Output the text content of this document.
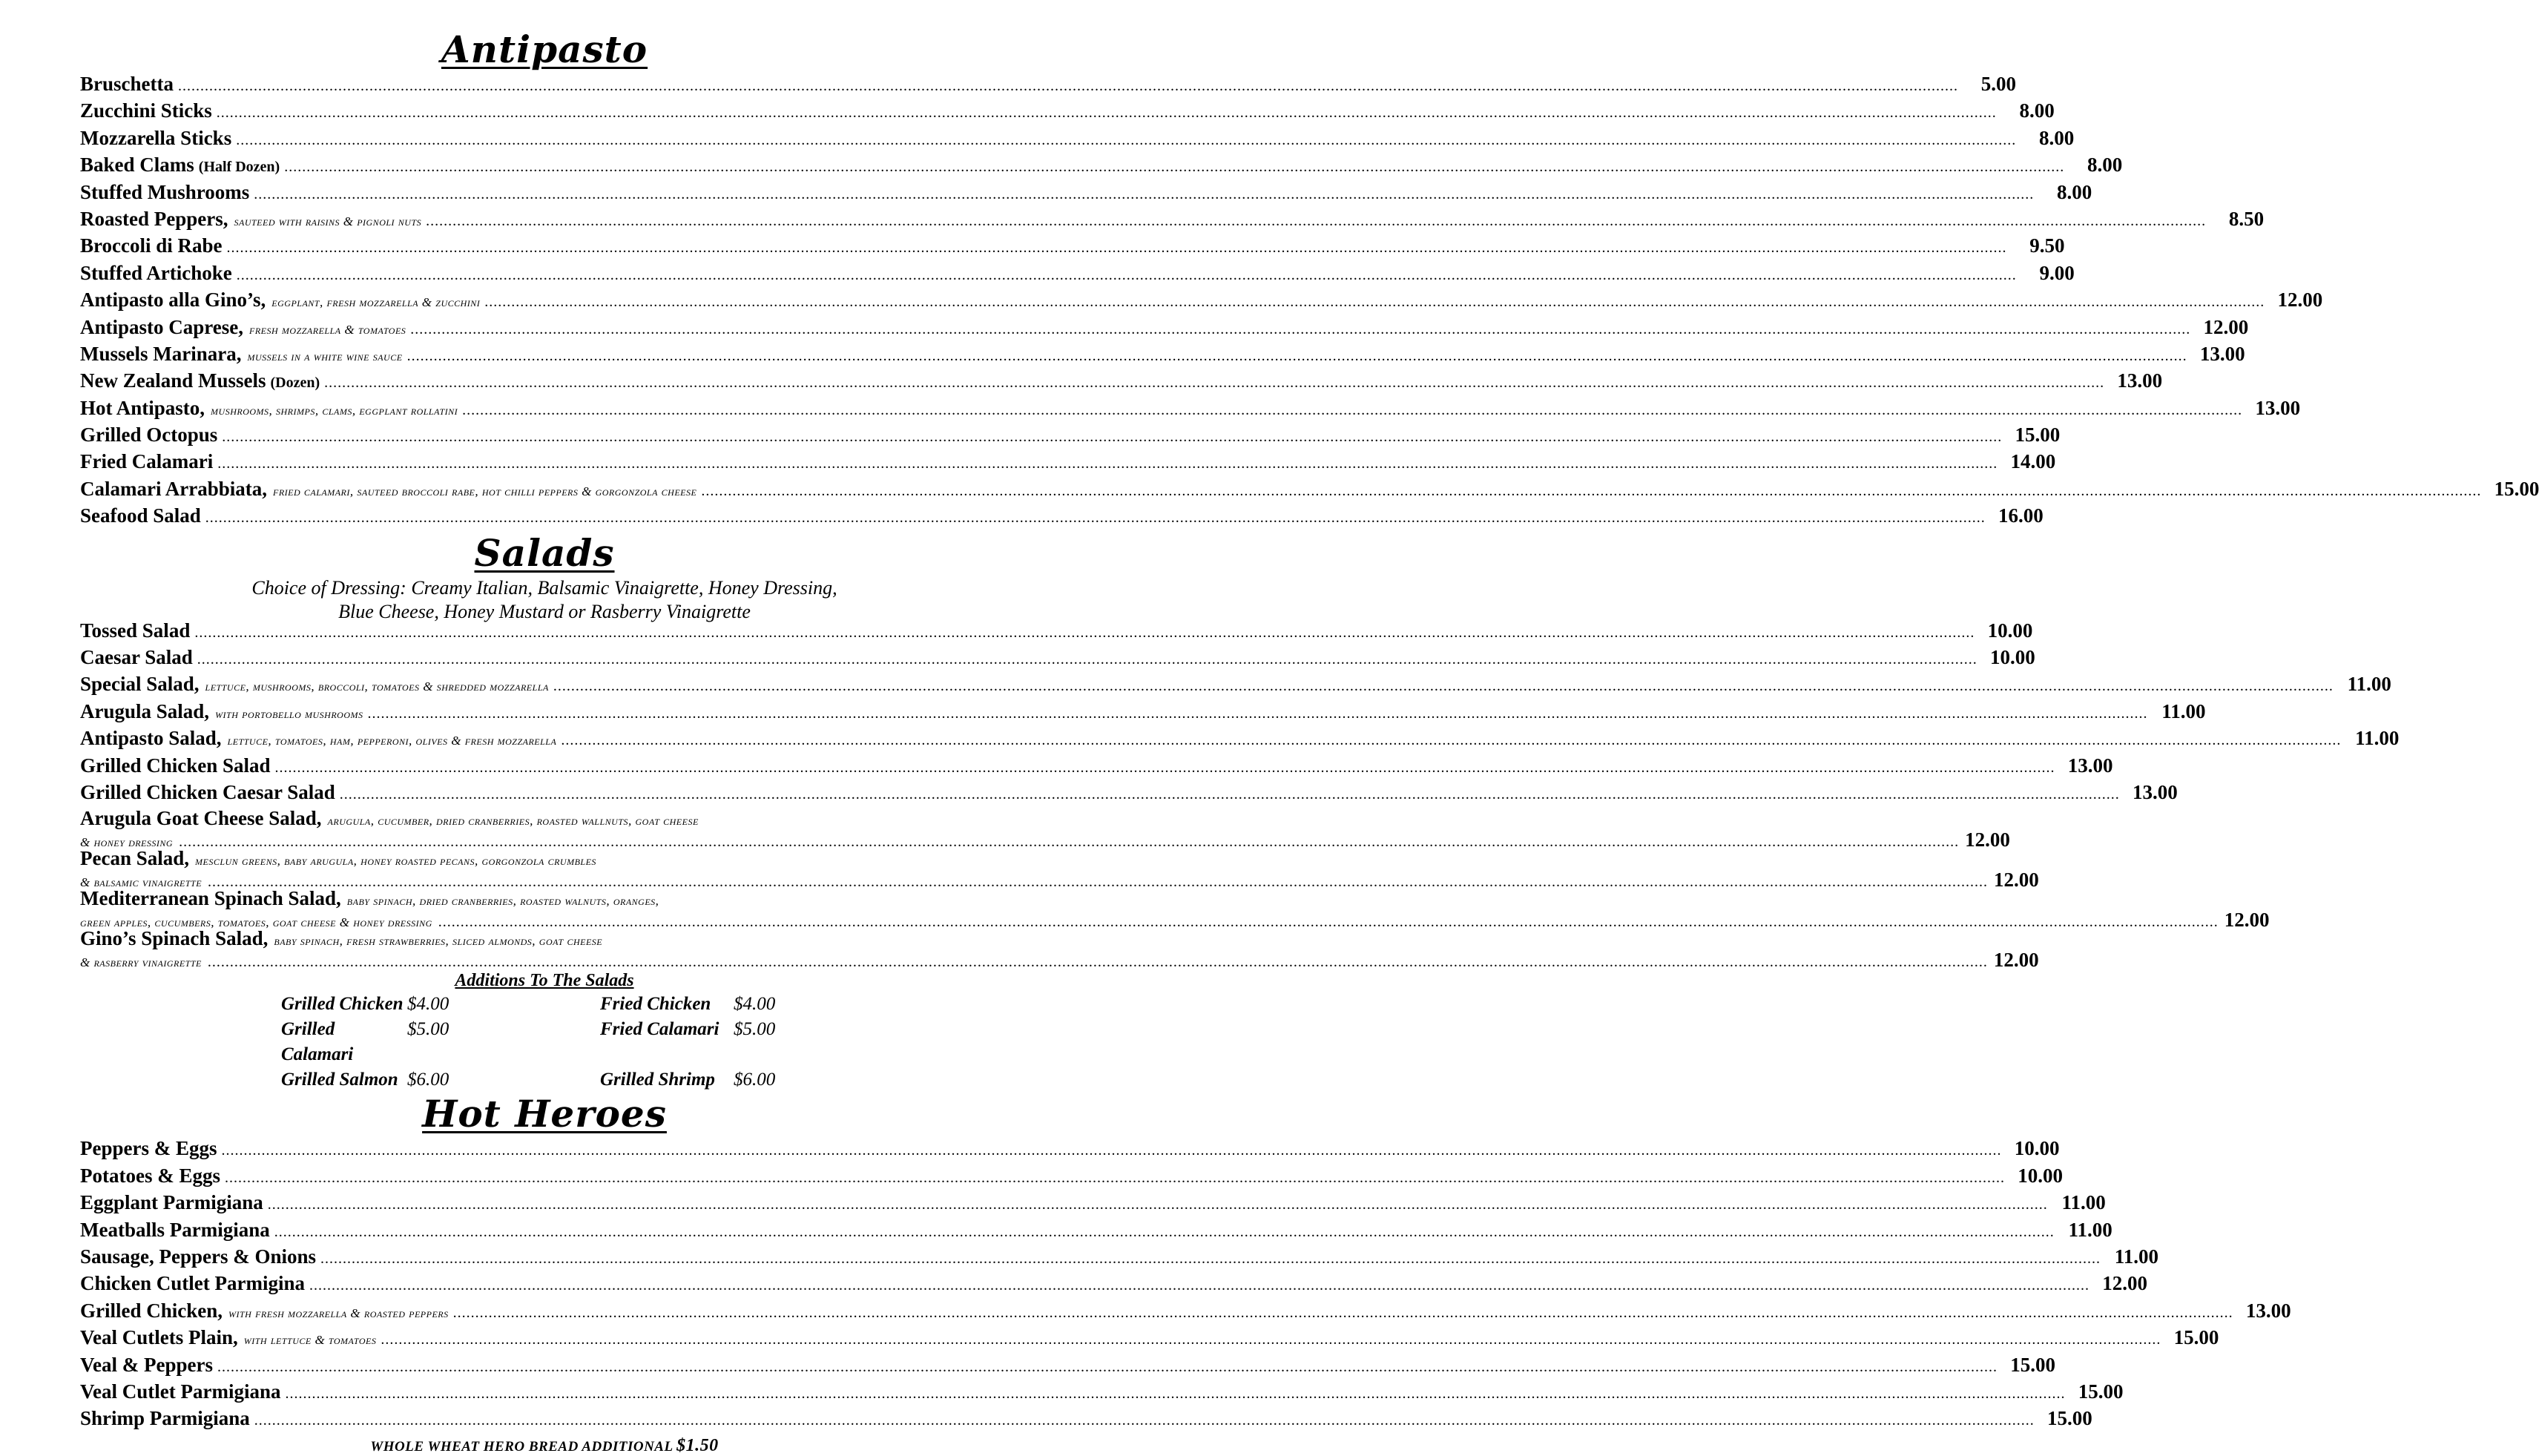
Antipasto
Bruschetta ................................................................................................................................................................................................................................................................................................................................................................................................................	5.00
Zucchini Sticks ................................................................................................................................................................................................................................................................................................................................................................................................................	8.00
Mozzarella Sticks ................................................................................................................................................................................................................................................................................................................................................................................................................	8.00
Baked Clams (Half Dozen) ................................................................................................................................................................................................................................................................................................................................................................................................................	8.00
Stuffed Mushrooms ................................................................................................................................................................................................................................................................................................................................................................................................................	8.00
Roasted Peppers, sauteed with raisins & pignoli nuts ................................................................................................................................................................................................................................................................................................................................................................................................................	8.50
Broccoli di Rabe ................................................................................................................................................................................................................................................................................................................................................................................................................	9.50
Stuffed Artichoke ................................................................................................................................................................................................................................................................................................................................................................................................................	9.00
Antipasto alla Gino’s, eggplant, fresh mozzarella & zucchini ................................................................................................................................................................................................................................................................................................................................................................................................................ 12.00
Antipasto Caprese, fresh mozzarella & tomatoes ................................................................................................................................................................................................................................................................................................................................................................................................................ 12.00
Mussels Marinara, mussels in a white wine sauce ................................................................................................................................................................................................................................................................................................................................................................................................................ 13.00
New Zealand Mussels (Dozen) ................................................................................................................................................................................................................................................................................................................................................................................................................ 13.00
Hot Antipasto, mushrooms, shrimps, clams, eggplant rollatini ................................................................................................................................................................................................................................................................................................................................................................................................................ 13.00
Grilled Octopus ................................................................................................................................................................................................................................................................................................................................................................................................................ 15.00
Fried Calamari ................................................................................................................................................................................................................................................................................................................................................................................................................ 14.00
Calamari Arrabbiata, fried calamari, sauteed broccoli rabe, hot chilli peppers & gorgonzola cheese ................................................................................................................................................................................................................................................................................................................................................................................................................ 15.00
Seafood Salad ................................................................................................................................................................................................................................................................................................................................................................................................................ 16.00
Salads
Choice of Dressing: Creamy Italian, Balsamic Vinaigrette, Honey Dressing,
Blue Cheese, Honey Mustard or Rasberry Vinaigrette
Tossed Salad ................................................................................................................................................................................................................................................................................................................................................................................................................ 10.00
Caesar Salad ................................................................................................................................................................................................................................................................................................................................................................................................................ 10.00
Special Salad, lettuce, mushrooms, broccoli, tomatoes & shredded mozzarella ................................................................................................................................................................................................................................................................................................................................................................................................................ 11.00
Arugula Salad, with portobello mushrooms ................................................................................................................................................................................................................................................................................................................................................................................................................ 11.00
Antipasto Salad, lettuce, tomatoes, ham, pepperoni, olives & fresh mozzarella ................................................................................................................................................................................................................................................................................................................................................................................................................ 11.00
Grilled Chicken Salad ................................................................................................................................................................................................................................................................................................................................................................................................................ 13.00
Grilled Chicken Caesar Salad ................................................................................................................................................................................................................................................................................................................................................................................................................ 13.00
Arugula Goat Cheese Salad, arugula, cucumber, dried cranberries, roasted wallnuts, goat cheese
& honey dressing ................................................................................................................................................................................................................................................................................................................................................................................................................ 12.00
Pecan Salad, mesclun greens, baby arugula, honey roasted pecans, gorgonzola crumbles
& balsamic vinaigrette ................................................................................................................................................................................................................................................................................................................................................................................................................ 12.00
Mediterranean Spinach Salad, baby spinach, dried cranberries, roasted walnuts, oranges,
green apples, cucumbers, tomatoes, goat cheese & honey dressing ................................................................................................................................................................................................................................................................................................................................................................................................................ 12.00
Gino’s Spinach Salad, baby spinach, fresh strawberries, sliced almonds, goat cheese
& rasberry vinaigrette ................................................................................................................................................................................................................................................................................................................................................................................................................ 12.00
Additions To The Salads
Grilled Chicken $4.00	Fried Chicken	$4.00
Grilled Calamari
$5.00	Fried Calamari $5.00
Grilled Salmon $6.00	Grilled Shrimp	$6.00
Hot Heroes
Peppers & Eggs ................................................................................................................................................................................................................................................................................................................................................................................................................ 10.00
Potatoes & Eggs ................................................................................................................................................................................................................................................................................................................................................................................................................ 10.00
Eggplant Parmigiana ................................................................................................................................................................................................................................................................................................................................................................................................................ 11.00
Meatballs Parmigiana ................................................................................................................................................................................................................................................................................................................................................................................................................ 11.00
Sausage, Peppers & Onions ................................................................................................................................................................................................................................................................................................................................................................................................................ 11.00
Chicken Cutlet Parmigina ................................................................................................................................................................................................................................................................................................................................................................................................................ 12.00
Grilled Chicken, with fresh mozzarella & roasted peppers ................................................................................................................................................................................................................................................................................................................................................................................................................ 13.00
Veal Cutlets Plain, with lettuce & tomatoes ................................................................................................................................................................................................................................................................................................................................................................................................................ 15.00
Veal & Peppers ................................................................................................................................................................................................................................................................................................................................................................................................................ 15.00
Veal Cutlet Parmigiana ................................................................................................................................................................................................................................................................................................................................................................................................................ 15.00
Shrimp Parmigiana ................................................................................................................................................................................................................................................................................................................................................................................................................ 15.00
WHOLE WHEAT HERO BREAD ADDITIONAL $1.50
